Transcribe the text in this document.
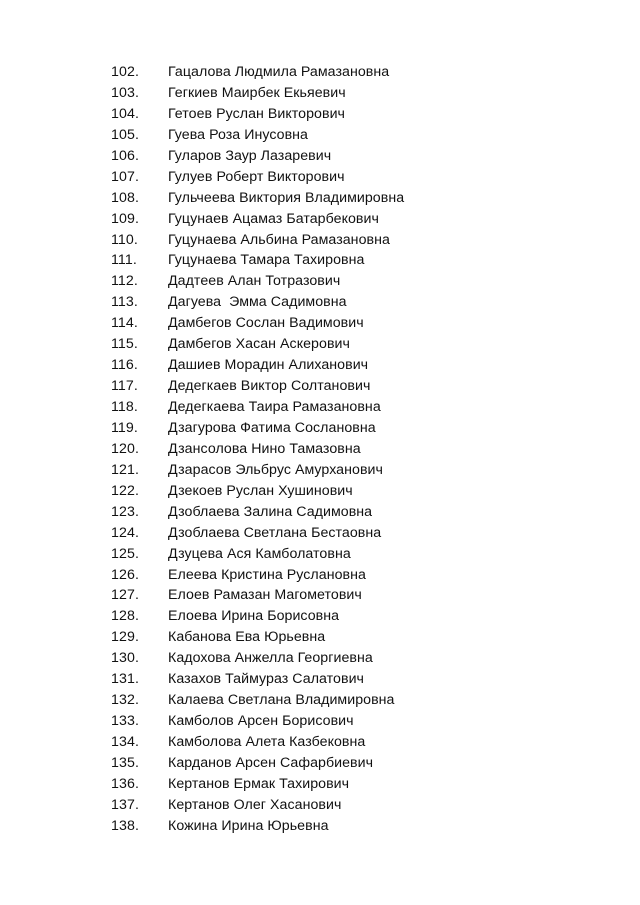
102. Гацалова Людмила Рамазановна
103. Гегкиев Маирбек Екьяевич
104. Гетоев Руслан Викторович
105. Гуева Роза Инусовна
106. Гуларов Заур Лазаревич
107. Гулуев Роберт Викторович
108. Гульчеева Виктория Владимировна
109. Гуцунаев Ацамаз Батарбекович
110. Гуцунаева Альбина Рамазановна
111. Гуцунаева Тамара Тахировна
112. Дадтеев Алан Тотразович
113. Дагуева  Эмма Садимовна
114. Дамбегов Сослан Вадимович
115. Дамбегов Хасан Аскерович
116. Дашиев Морадин Алиханович
117. Дедегкаев Виктор Солтанович
118. Дедегкаева Таира Рамазановна
119. Дзагурова Фатима Сослановна
120. Дзансолова Нино Тамазовна
121. Дзарасов Эльбрус Амурханович
122. Дзекоев Руслан Хушинович
123. Дзоблаева Залина Садимовна
124. Дзоблаева Светлана Бестаовна
125. Дзуцева Ася Камболатовна
126. Елеева Кристина Руслановна
127. Елоев Рамазан Магометович
128. Елоева Ирина Борисовна
129. Кабанова Ева Юрьевна
130. Кадохова Анжелла Георгиевна
131. Казахов Таймураз Салатович
132. Калаева Светлана Владимировна
133. Камболов Арсен Борисович
134. Камболова Алета Казбековна
135. Карданов Арсен Сафарбиевич
136. Кертанов Ермак Тахирович
137. Кертанов Олег Хасанович
138. Кожина Ирина Юрьевна
